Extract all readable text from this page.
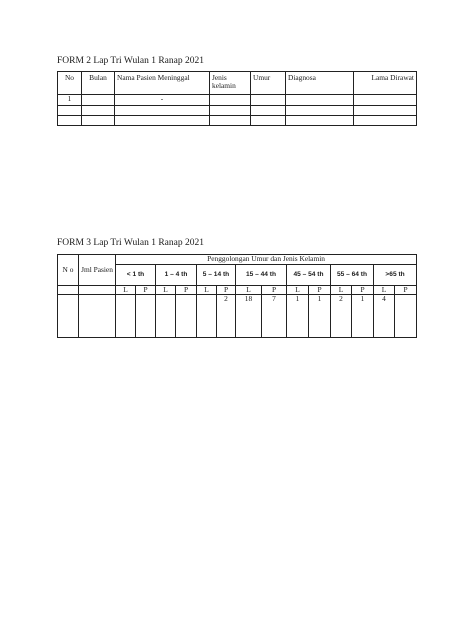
FORM 2 Lap Tri Wulan 1 Ranap 2021
No	Bulan	Nama Pasien Meninggal	Jenis kelamin	Umur	Diagnosa	Lama Dirawat
1		-				

FORM 3 Lap Tri Wulan 1 Ranap 2021
N o	Jml Pasien	Penggolongan Umur dan Jenis Kelamin													
		< 1 th		1 – 4 th		5 – 14 th		15 – 44 th		45 – 54 th		55 – 64 th		>65 th	
		L	P	L	P	L	P	L	P	L	P	L	P	L	P
							2	18	7	1	1	2	1	4	
